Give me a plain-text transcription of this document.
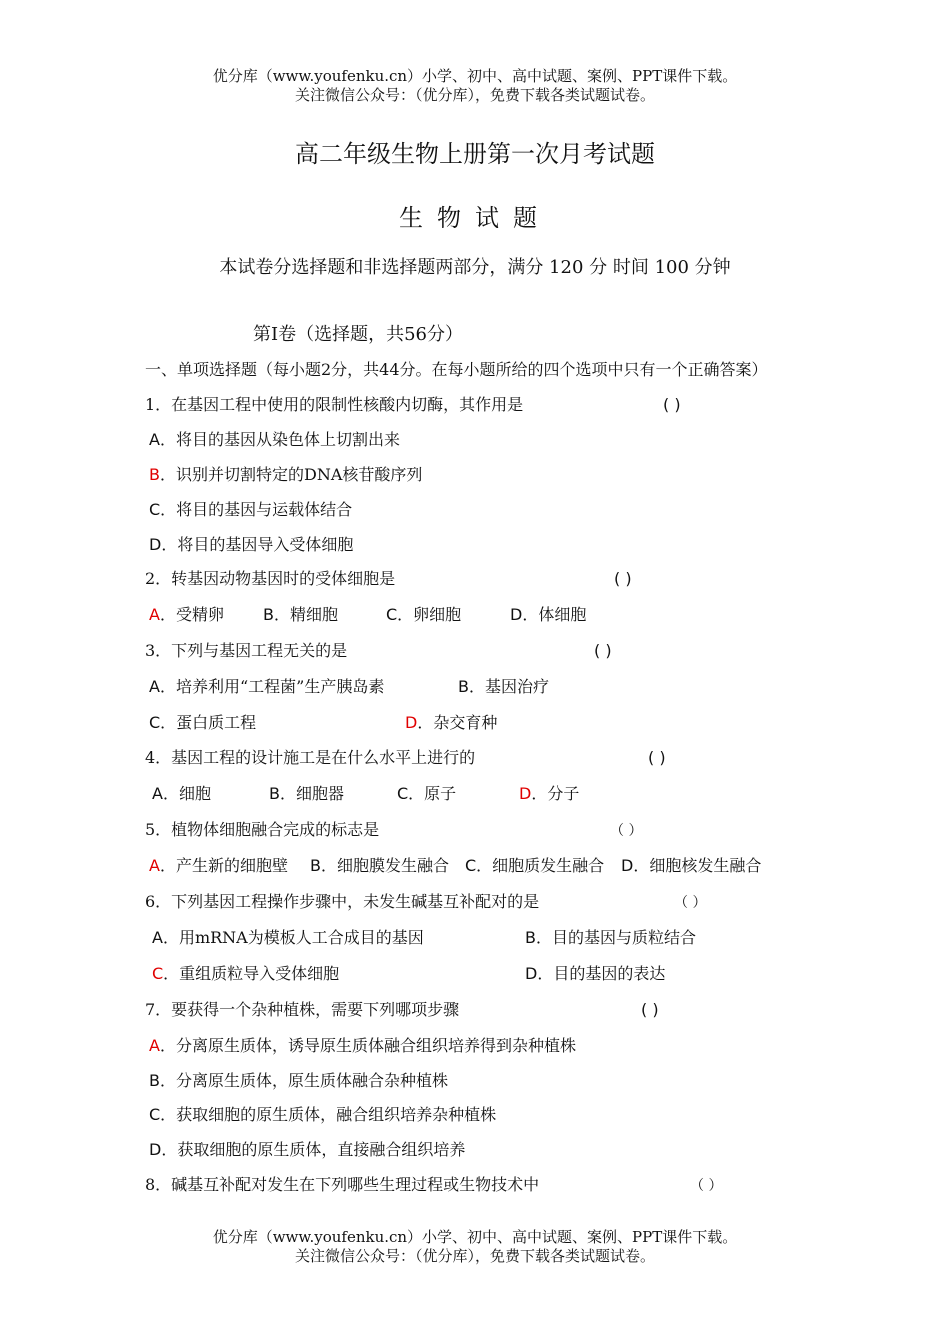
优分库（www.youfenku.cn）小学、初中、高中试题、案例、PPT课件下载。
关注微信公众号：（优分库），免费下载各类试题试卷。
高二年级生物上册第一次月考试题
生物试题
本试卷分选择题和非选择题两部分，满分 120 分 时间 100 分钟
第Ⅰ卷（选择题，共56分）
一、单项选择题（每小题2分，共44分。在每小题所给的四个选项中只有一个正确答案）
1．在基因工程中使用的限制性核酸内切酶，其作用是	( )
A．将目的基因从染色体上切割出来
B．识别并切割特定的DNA核苷酸序列
C．将目的基因与运载体结合
D．将目的基因导入受体细胞
2．转基因动物基因时的受体细胞是	( )
A．受精卵 B．精细胞	C．卵细胞	D．体细胞
3．下列与基因工程无关的是	( )
A．培养利用“工程菌”生产胰岛素	B．基因治疗
C．蛋白质工程	D．杂交育种
4．基因工程的设计施工是在什么水平上进行的	( )
A．细胞	B．细胞器	C．原子	D．分子
5．植物体细胞融合完成的标志是	（ ）
A．产生新的细胞壁 B．细胞膜发生融合 C．细胞质发生融合 D．细胞核发生融合
6．下列基因工程操作步骤中，未发生碱基互补配对的是	（ ）
A．用mRNA为模板人工合成目的基因	B．目的基因与质粒结合
C．重组质粒导入受体细胞	D．目的基因的表达
7．要获得一个杂种植株，需要下列哪项步骤	( )
A．分离原生质体，诱导原生质体融合组织培养得到杂种植株
B．分离原生质体，原生质体融合杂种植株
C．获取细胞的原生质体，融合组织培养杂种植株
D．获取细胞的原生质体，直接融合组织培养
8．碱基互补配对发生在下列哪些生理过程或生物技术中	（ ）
优分库（www.youfenku.cn）小学、初中、高中试题、案例、PPT课件下载。
关注微信公众号：（优分库），免费下载各类试题试卷。
